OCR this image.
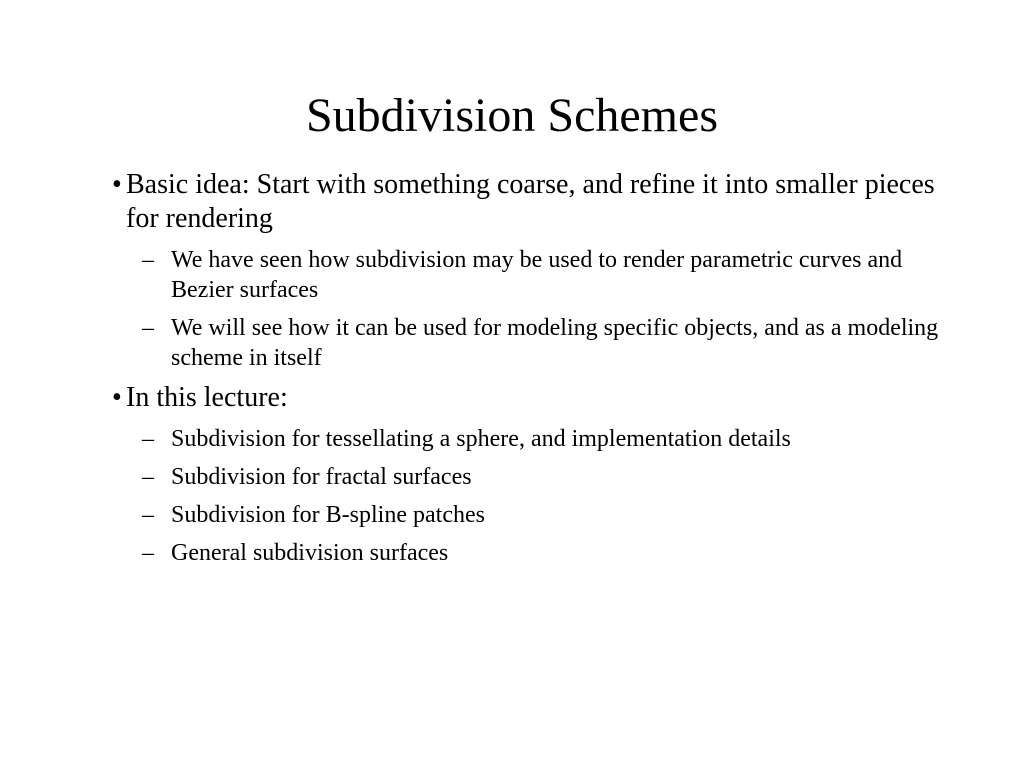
Subdivision Schemes
• Basic idea: Start with something coarse, and refine it into smaller pieces for rendering
– We have seen how subdivision may be used to render parametric curves and Bezier surfaces
– We will see how it can be used for modeling specific objects, and as a modeling scheme in itself
• In this lecture:
– Subdivision for tessellating a sphere, and implementation details
– Subdivision for fractal surfaces
– Subdivision for B-spline patches
– General subdivision surfaces
